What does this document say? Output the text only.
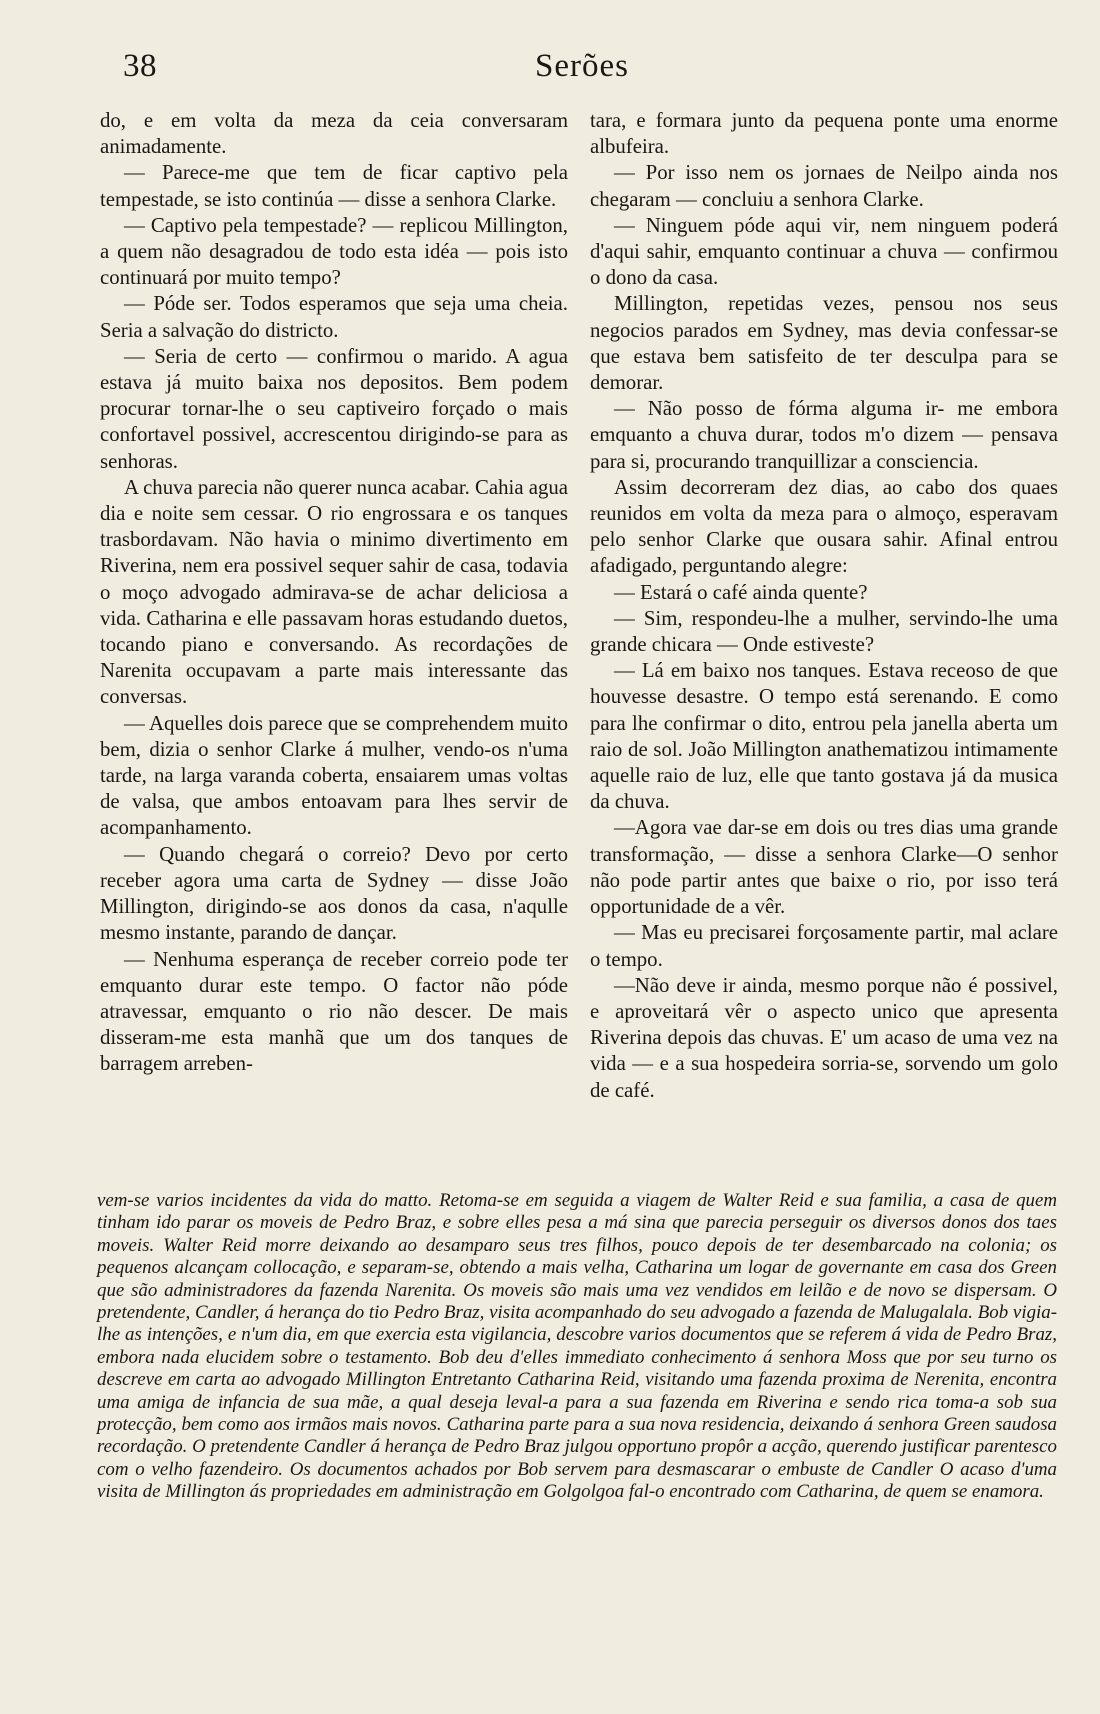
38	Serões

do, e em volta da meza da ceia conversaram animadamente.

— Parece-me que tem de ficar captivo pela tempestade, se isto continúa — disse a senhora Clarke.

— Captivo pela tempestade? — replicou Millington, a quem não desagradou de todo esta idéa — pois isto continuará por muito tempo?

— Póde ser. Todos esperamos que seja uma cheia. Seria a salvação do districto.

— Seria de certo — confirmou o marido. A agua estava já muito baixa nos depositos. Bem podem procurar tornar-lhe o seu captiveiro forçado o mais confortavel possivel, accrescentou dirigindo-se para as senhoras.

A chuva parecia não querer nunca acabar. Cahia agua dia e noite sem cessar. O rio engrossara e os tanques trasbordavam. Não havia o minimo divertimento em Riverina, nem era possivel sequer sahir de casa, todavia o moço advogado admirava-se de achar deliciosa a vida. Catharina e elle passavam horas estudando duetos, tocando piano e conversando. As recordações de Narenita occupavam a parte mais interessante das conversas.

— Aquelles dois parece que se comprehendem muito bem, dizia o senhor Clarke á mulher, vendo-os n'uma tarde, na larga varanda coberta, ensaiarem umas voltas de valsa, que ambos entoavam para lhes servir de acompanhamento.

— Quando chegará o correio? Devo por certo receber agora uma carta de Sydney — disse João Millington, dirigindo-se aos donos da casa, n'aqulle mesmo instante, parando de dançar.

— Nenhuma esperança de receber correio pode ter emquanto durar este tempo. O factor não póde atravessar, emquanto o rio não descer. De mais disseram-me esta manhã que um dos tanques de barragem arreben-

tara, e formara junto da pequena ponte uma enorme albufeira.

— Por isso nem os jornaes de Neilpo ainda nos chegaram — concluiu a senhora Clarke.

— Ninguem póde aqui vir, nem ninguem poderá d'aqui sahir, emquanto continuar a chuva — confirmou o dono da casa.

Millington, repetidas vezes, pensou nos seus negocios parados em Sydney, mas devia confessar-se que estava bem satisfeito de ter desculpa para se demorar.

— Não posso de fórma alguma ir- me embora emquanto a chuva durar, todos m'o dizem — pensava para si, procurando tranquillizar a consciencia.

Assim decorreram dez dias, ao cabo dos quaes reunidos em volta da meza para o almoço, esperavam pelo senhor Clarke que ousara sahir. Afinal entrou afadigado, perguntando alegre:

— Estará o café ainda quente?

— Sim, respondeu-lhe a mulher, servindo-lhe uma grande chicara — Onde estiveste?

— Lá em baixo nos tanques. Estava receoso de que houvesse desastre. O tempo está serenando. E como para lhe confirmar o dito, entrou pela janella aberta um raio de sol. João Millington anathematizou intimamente aquelle raio de luz, elle que tanto gostava já da musica da chuva.

—Agora vae dar-se em dois ou tres dias uma grande transformação, — disse a senhora Clarke—O senhor não pode partir antes que baixe o rio, por isso terá opportunidade de a vêr.

— Mas eu precisarei forçosamente partir, mal aclare o tempo.

—Não deve ir ainda, mesmo porque não é possivel, e aproveitará vêr o aspecto unico que apresenta Riverina depois das chuvas. E' um acaso de uma vez na vida — e a sua hospedeira sorria-se, sorvendo um golo de café.

vem-se varios incidentes da vida do matto. Retoma-se em seguida a viagem de Walter Reid e sua familia, a casa de quem tinham ido parar os moveis de Pedro Braz, e sobre elles pesa a má sina que parecia perseguir os diversos donos dos taes moveis. Walter Reid morre deixando ao desamparo seus tres filhos, pouco depois de ter desembarcado na colonia; os pequenos alcançam collocação, e separam-se, obtendo a mais velha, Catharina um logar de governante em casa dos Green que são administradores da fazenda Narenita. Os moveis são mais uma vez vendidos em leilão e de novo se dispersam. O pretendente, Candler, á herança do tio Pedro Braz, visita acompanhado do seu advogado a fazenda de Malugalala. Bob vigia-lhe as intenções, e n'um dia, em que exercia esta vigilancia, descobre varios documentos que se referem á vida de Pedro Braz, embora nada elucidem sobre o testamento. Bob deu d'elles immediato conhecimento á senhora Moss que por seu turno os descreve em carta ao advogado Millington Entretanto Catharina Reid, visitando uma fazenda proxima de Nerenita, encontra uma amiga de infancia de sua mãe, a qual deseja leval-a para a sua fazenda em Riverina e sendo rica toma-a sob sua protecção, bem como aos irmãos mais novos. Catharina parte para a sua nova residencia, deixando á senhora Green saudosa recordação. O pretendente Candler á herança de Pedro Braz julgou opportuno propôr a acção, querendo justificar parentesco com o velho fazendeiro. Os documentos achados por Bob servem para desmascarar o embuste de Candler O acaso d'uma visita de Millington ás propriedades em administração em Golgolgoa fal-o encontrado com Catharina, de quem se enamora.
